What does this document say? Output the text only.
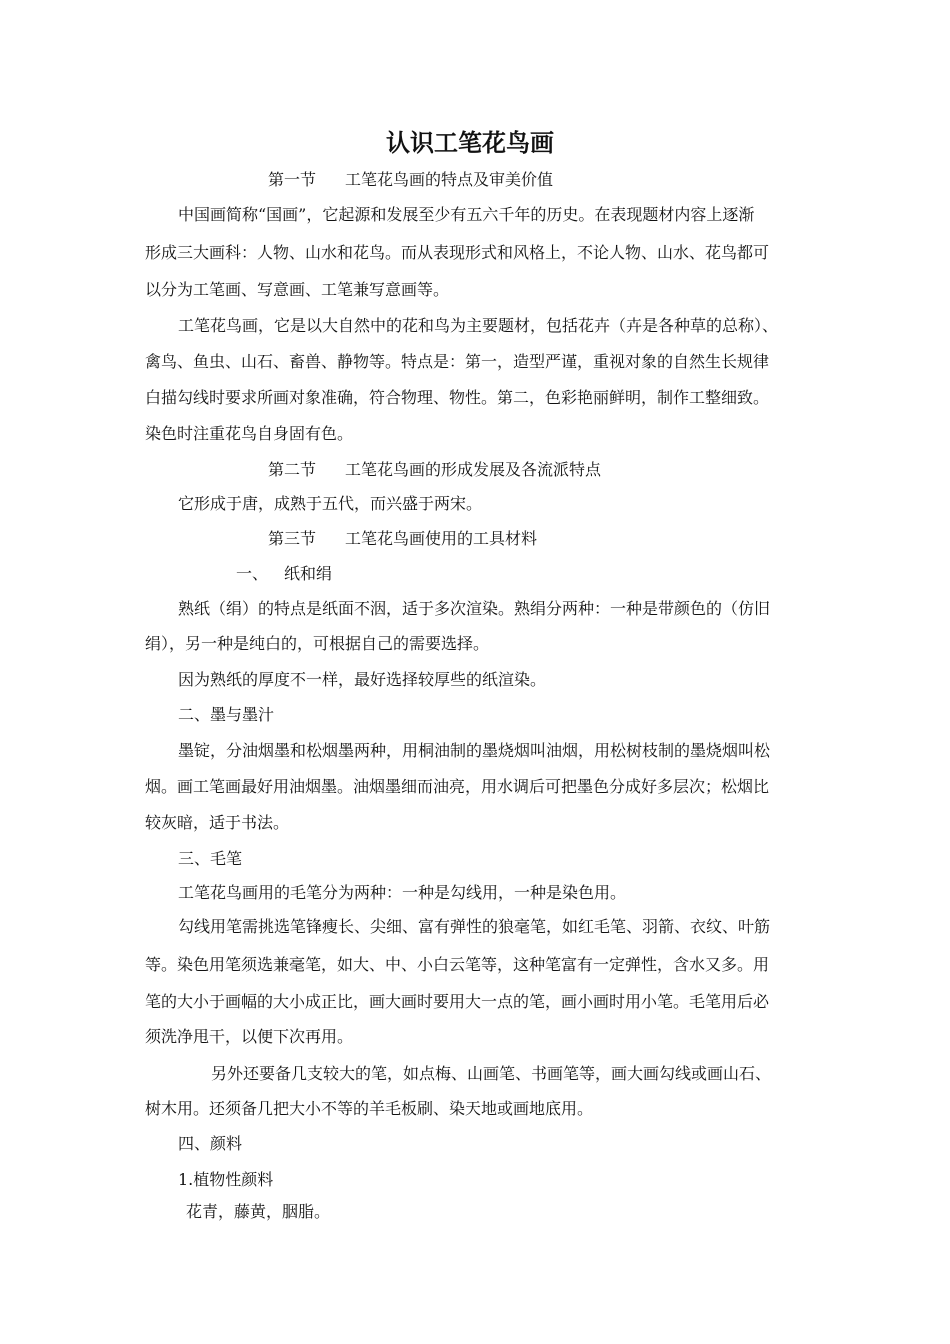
认识工笔花鸟画
第一节 工笔花鸟画的特点及审美价值
中国画简称“国画”，它起源和发展至少有五六千年的历史。在表现题材内容上逐渐
形成三大画科：人物、山水和花鸟。而从表现形式和风格上，不论人物、山水、花鸟都可
以分为工笔画、写意画、工笔兼写意画等。
工笔花鸟画，它是以大自然中的花和鸟为主要题材，包括花卉（卉是各种草的总称）、
禽鸟、鱼虫、山石、畜兽、静物等。特点是：第一，造型严谨，重视对象的自然生长规律
白描勾线时要求所画对象准确，符合物理、物性。第二，色彩艳丽鲜明，制作工整细致。
染色时注重花鸟自身固有色。
第二节 工笔花鸟画的形成发展及各流派特点
它形成于唐，成熟于五代，而兴盛于两宋。
第三节 工笔花鸟画使用的工具材料
一、 纸和绢
熟纸（绢）的特点是纸面不洇，适于多次渲染。熟绢分两种：一种是带颜色的（仿旧
绢），另一种是纯白的，可根据自己的需要选择。
因为熟纸的厚度不一样，最好选择较厚些的纸渲染。
二、墨与墨汁
墨锭，分油烟墨和松烟墨两种，用桐油制的墨烧烟叫油烟，用松树枝制的墨烧烟叫松
烟。画工笔画最好用油烟墨。油烟墨细而油亮，用水调后可把墨色分成好多层次；松烟比
较灰暗，适于书法。
三、毛笔
工笔花鸟画用的毛笔分为两种：一种是勾线用，一种是染色用。
勾线用笔需挑选笔锋瘦长、尖细、富有弹性的狼毫笔，如红毛笔、羽箭、衣纹、叶筋
等。染色用笔须选兼毫笔，如大、中、小白云笔等，这种笔富有一定弹性，含水又多。用
笔的大小于画幅的大小成正比，画大画时要用大一点的笔，画小画时用小笔。毛笔用后必
须洗净甩干，以便下次再用。
另外还要备几支较大的笔，如点梅、山画笔、书画笔等，画大画勾线或画山石、
树木用。还须备几把大小不等的羊毛板刷、染天地或画地底用。
四、颜料
1.植物性颜料
花青，藤黄，胭脂。
